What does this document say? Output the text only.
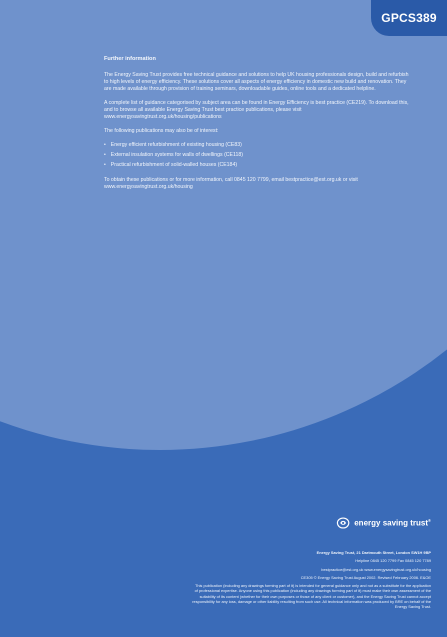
GPCS389
Further information

The Energy Saving Trust provides free technical guidance and solutions to help UK housing professionals design, build and refurbish to high levels of energy efficiency. These solutions cover all aspects of energy efficiency in domestic new build and renovation. They are made available through provision of training seminars, downloadable guides, online tools and a dedicated helpline.

A complete list of guidance categorised by subject area can be found in Energy Efficiency is best practice (CE219). To download this, and to browse all available Energy Saving Trust best practice publications, please visit www.energysavingtrust.org.uk/housing/publications

The following publications may also be of interest:

• Energy efficient refurbishment of existing housing (CE83)
• External insulation systems for walls of dwellings (CE118)
• Practical refurbishment of solid-walled houses (CE184)

To obtain these publications or for more information, call 0845 120 7799, email bestpractice@est.org.uk or visit www.energysavingtrust.org.uk/housing

energy saving trust®

Energy Saving Trust, 21 Dartmouth Street, London SW1H 9BP

Helpline 0845 120 7799 Fax 0845 120 7789

bestpractice@est.org.uk www.energysavingtrust.org.uk/housing

CE305 © Energy Saving Trust August 2002. Revised February 2006. E&OE

This publication (including any drawings forming part of it) is intended for general guidance only and not as a substitute for the application of professional expertise. Anyone using this publication (including any drawings forming part of it) must make their own assessment of the suitability of its content (whether for their own purposes or those of any client or customer), and the Energy Saving Trust cannot accept responsibility for any loss, damage or other liability resulting from such use. All technical information was produced by BRE on behalf of the Energy Saving Trust.
